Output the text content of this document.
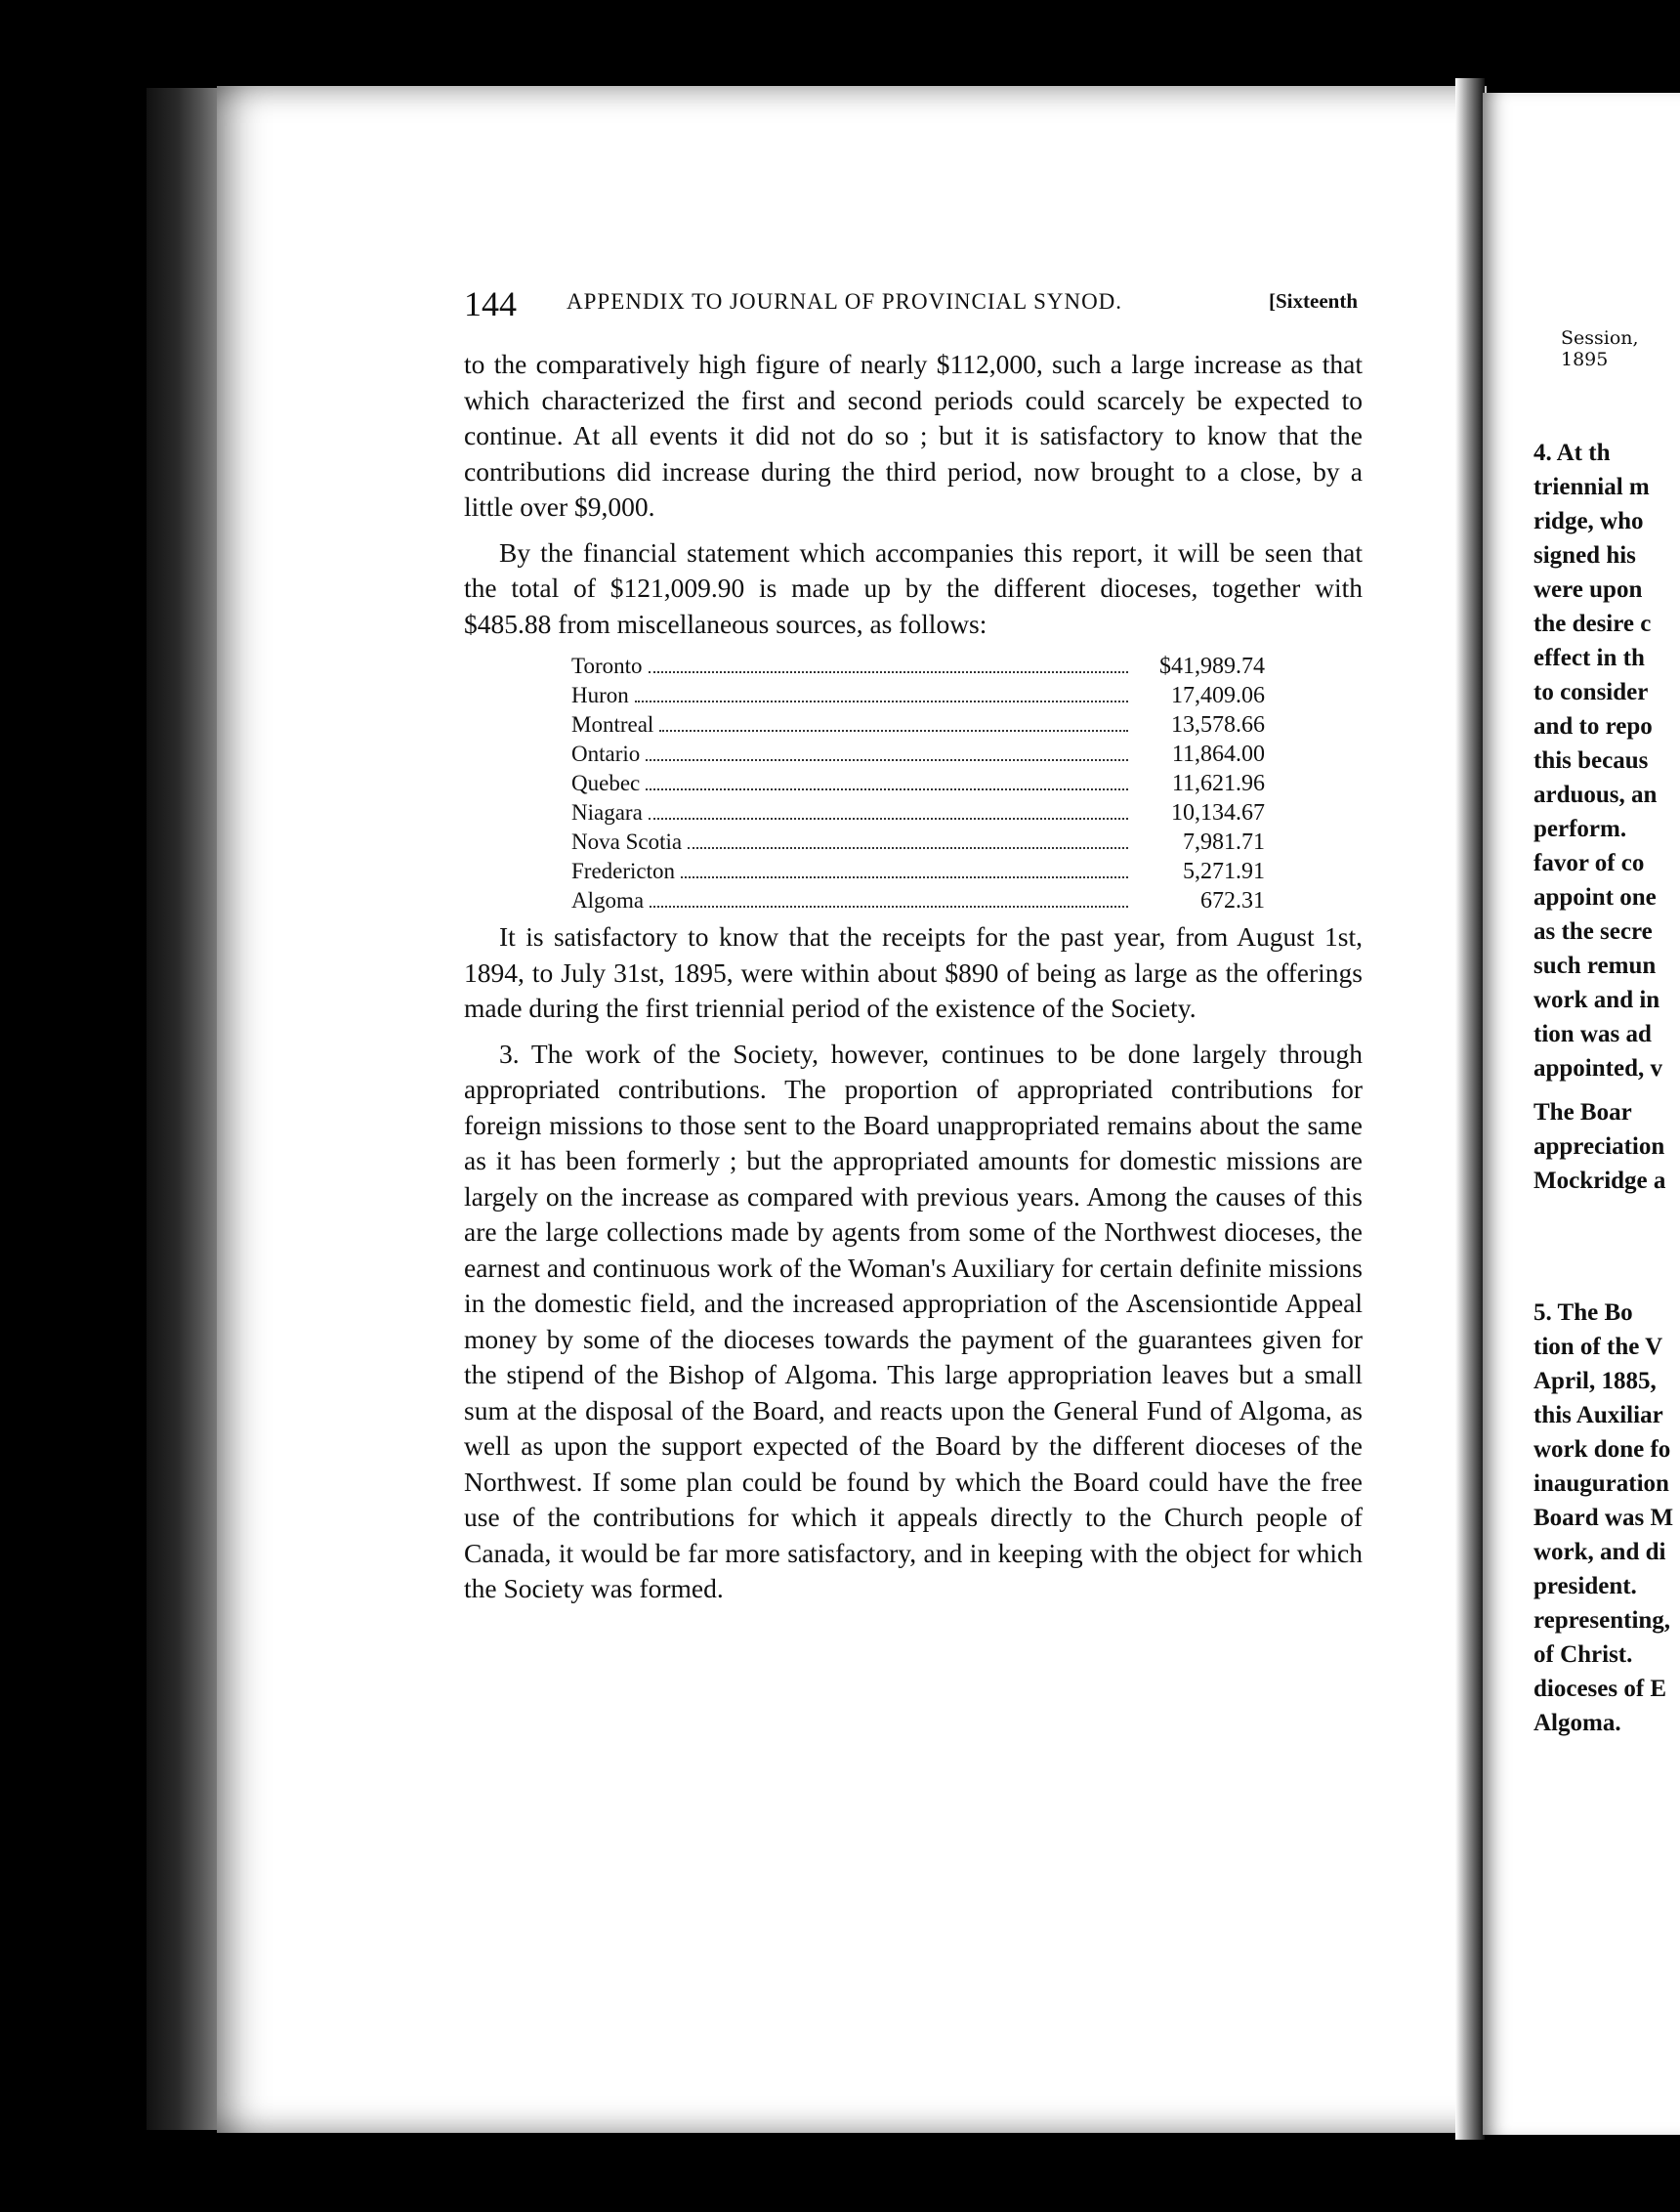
144 APPENDIX TO JOURNAL OF PROVINCIAL SYNOD.	[Sixteenth

to the comparatively high figure of nearly $112,000, such a large increase as that which characterized the first and second periods could scarcely be expected to continue. At all events it did not do so ; but it is satisfactory to know that the contributions did increase during the third period, now brought to a close, by a little over $9,000.

By the financial statement which accompanies this report, it will be seen that the total of $121,009.90 is made up by the different dioceses, together with $485.88 from miscellaneous sources, as follows:

Toronto	$41,989.74
Huron	17,409.06
Montreal	13,578.66
Ontario	11,864.00
Quebec	11,621.96
Niagara	10,134.67
Nova Scotia	7,981.71
Fredericton	5,271.91
Algoma	672.31

It is satisfactory to know that the receipts for the past year, from August 1st, 1894, to July 31st, 1895, were within about $890 of being as large as the offerings made during the first triennial period of the existence of the Society.

3. The work of the Society, however, continues to be done largely through appropriated contributions. The proportion of appropriated contributions for foreign missions to those sent to the Board unappropriated remains about the same as it has been formerly ; but the appropriated amounts for domestic missions are largely on the increase as compared with previous years. Among the causes of this are the large collections made by agents from some of the Northwest dioceses, the earnest and continuous work of the Woman's Auxiliary for certain definite missions in the domestic field, and the increased appropriation of the Ascensiontide Appeal money by some of the dioceses towards the payment of the guarantees given for the stipend of the Bishop of Algoma. This large appropriation leaves but a small sum at the disposal of the Board, and reacts upon the General Fund of Algoma, as well as upon the support expected of the Board by the different dioceses of the Northwest. If some plan could be found by which the Board could have the free use of the contributions for which it appeals directly to the Church people of Canada, it would be far more satisfactory, and in keeping with the object for which the Society was formed.

Session, 1895
4. At th
triennial m
ridge, who
signed his
were upon
the desire c
effect in th
to consider
and to repo
this becaus
arduous, an
perform.
favor of co
appoint one
as the secre
such remun
work and in
tion was ad
appointed, v
The Boar
appreciation
Mockridge a
5. The Bo
tion of the V
April, 1885,
this Auxiliar
work done fo
inauguration
Board was M
work, and di
president.
representing,
of Christ.
dioceses of E
Algoma.
